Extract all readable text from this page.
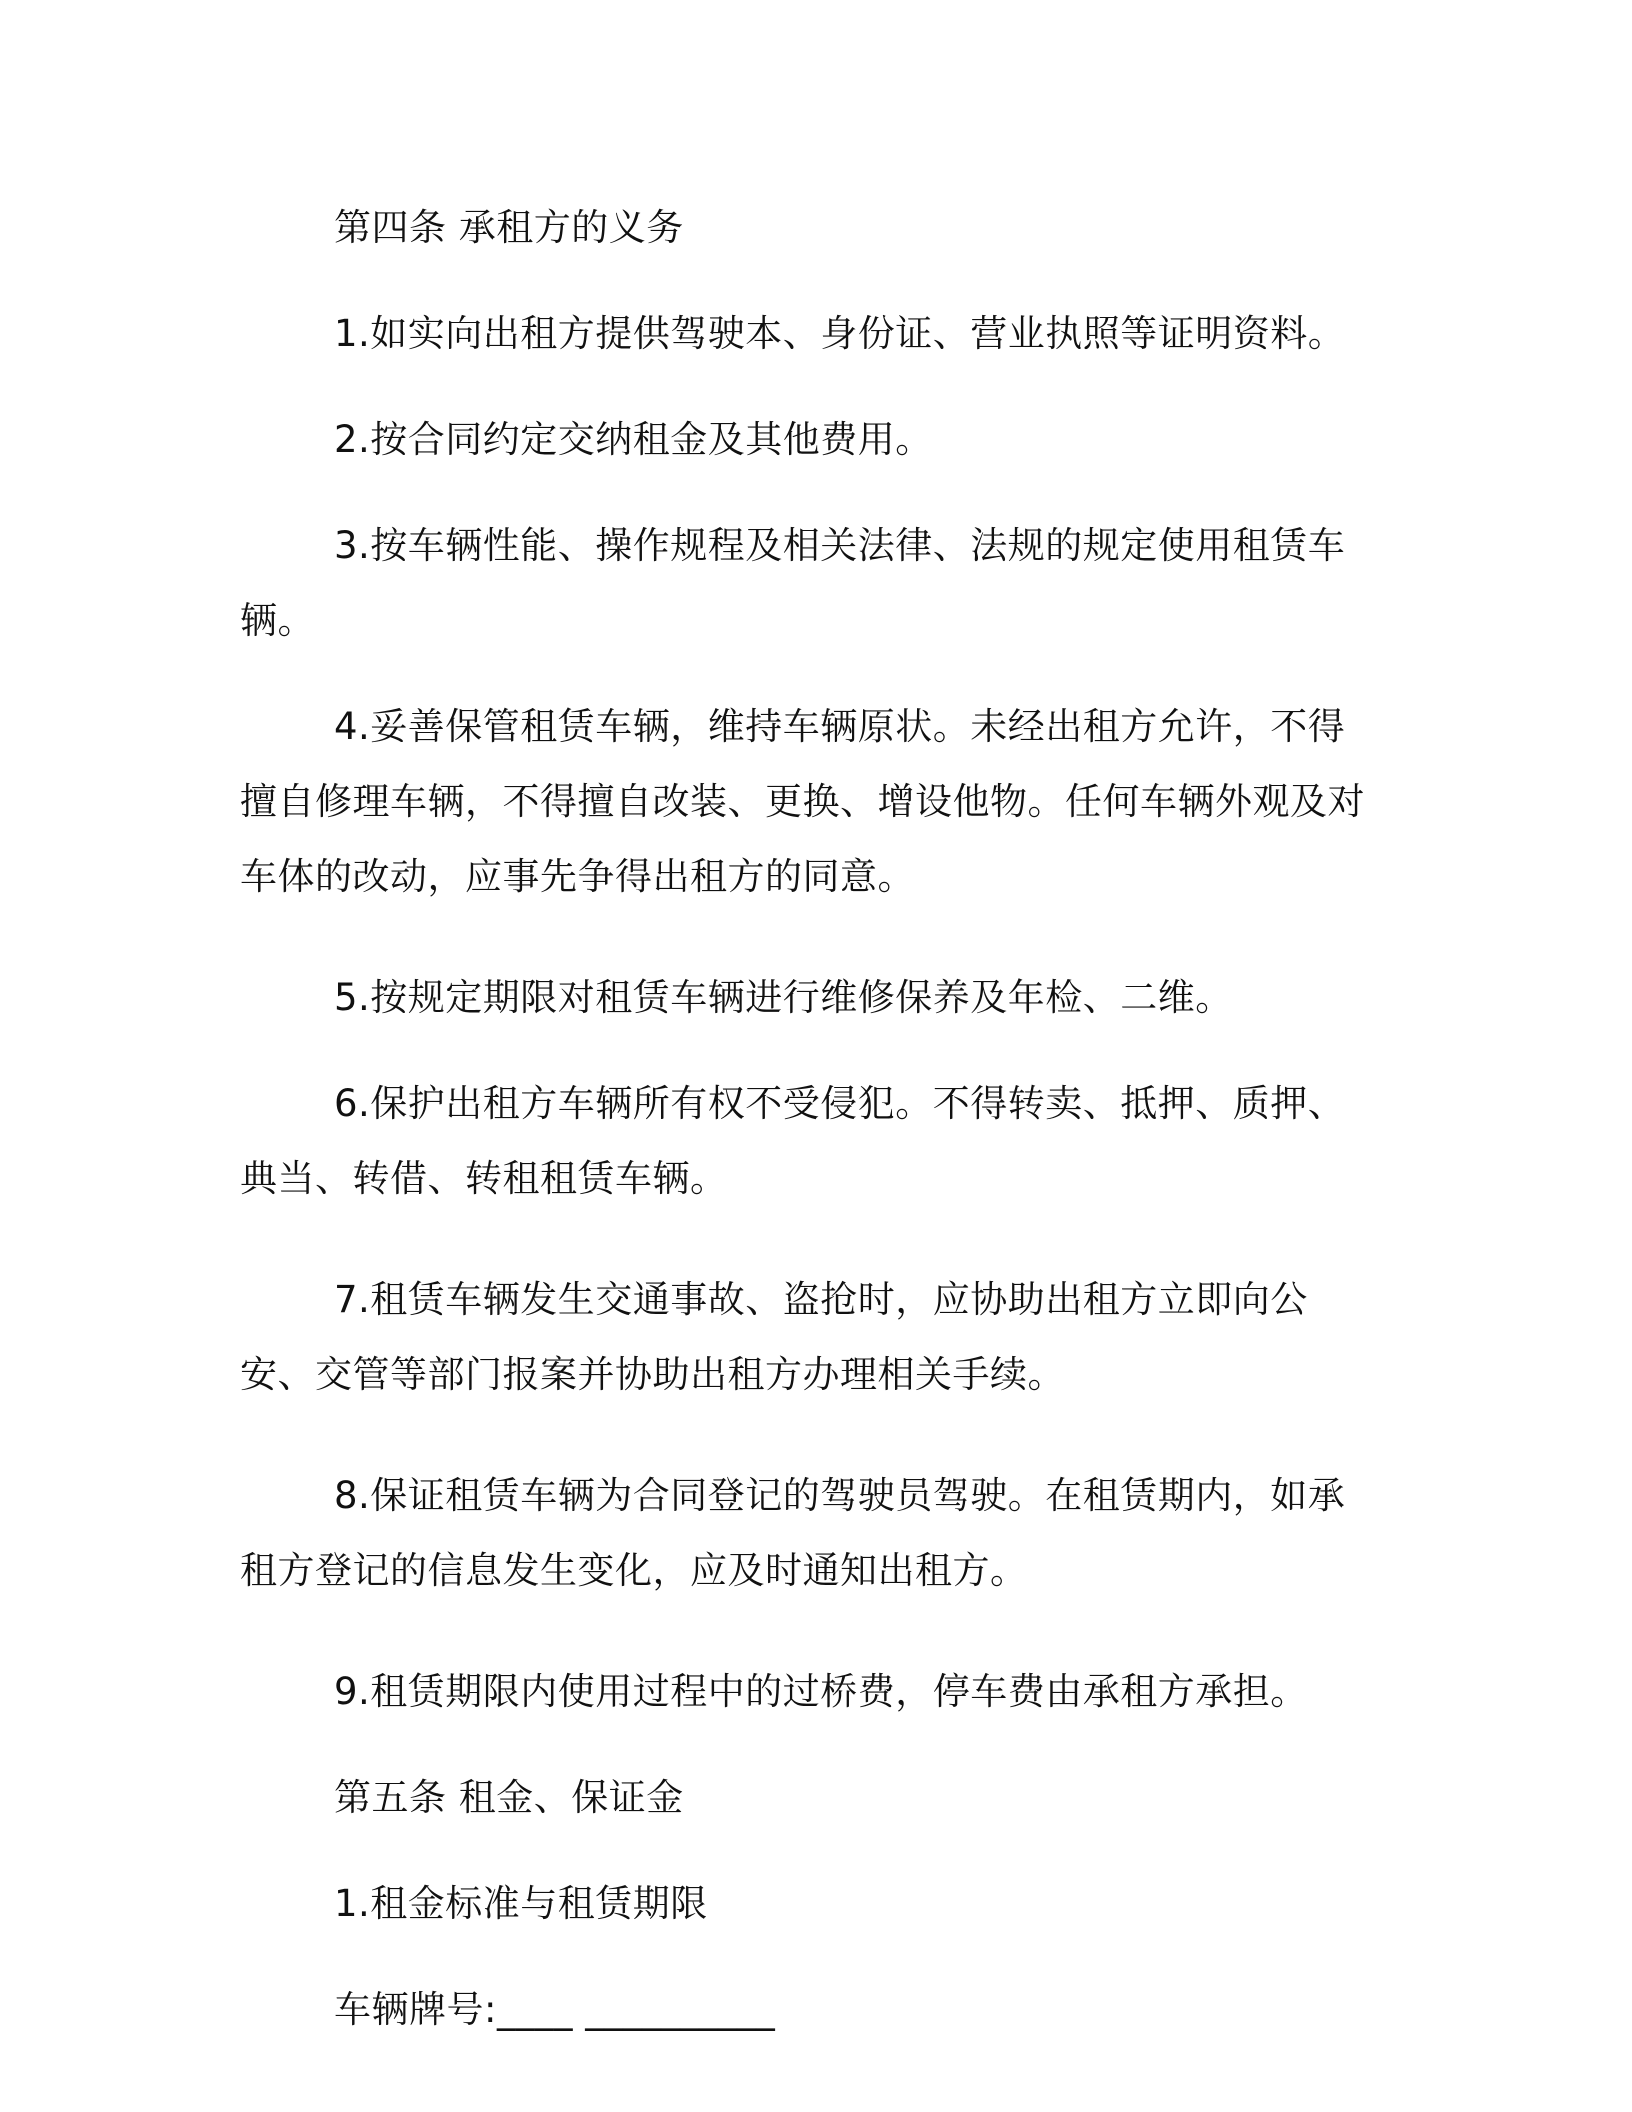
第四条 承租方的义务

1.如实向出租方提供驾驶本、身份证、营业执照等证明资料。

2.按合同约定交纳租金及其他费用。

3.按车辆性能、操作规程及相关法律、法规的规定使用租赁车辆。

4.妥善保管租赁车辆，维持车辆原状。未经出租方允许，不得擅自修理车辆，不得擅自改装、更换、增设他物。任何车辆外观及对车体的改动，应事先争得出租方的同意。

5.按规定期限对租赁车辆进行维修保养及年检、二维。

6.保护出租方车辆所有权不受侵犯。不得转卖、抵押、质押、典当、转借、转租租赁车辆。

7.租赁车辆发生交通事故、盗抢时，应协助出租方立即向公安、交管等部门报案并协助出租方办理相关手续。

8.保证租赁车辆为合同登记的驾驶员驾驶。在租赁期内，如承租方登记的信息发生变化，应及时通知出租方。

9.租赁期限内使用过程中的过桥费，停车费由承租方承担。

第五条 租金、保证金

1.租金标准与租赁期限

车辆牌号:____ __________
